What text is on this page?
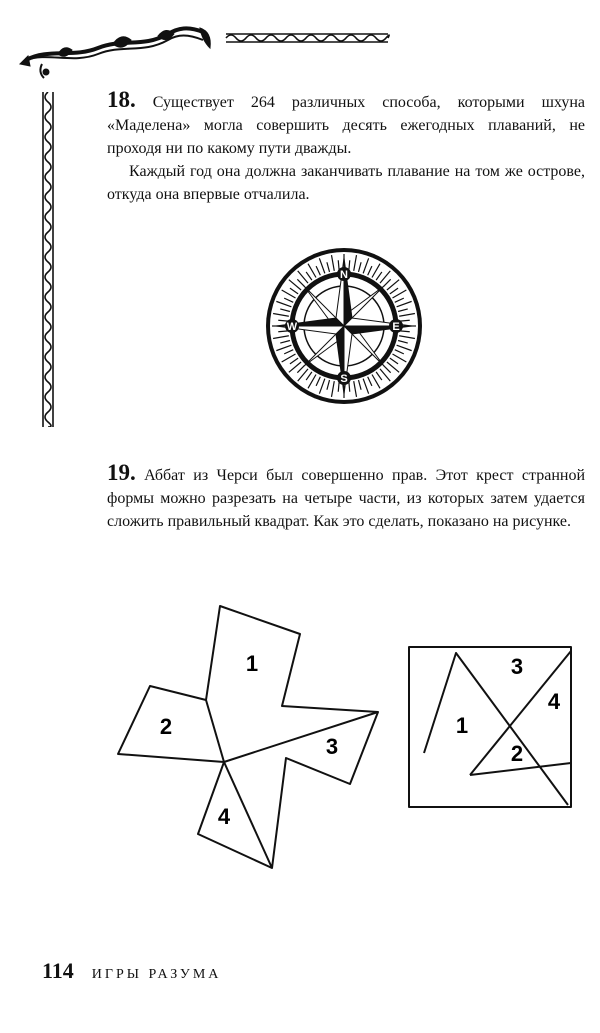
18. Существует 264 различных способа, которыми шхуна «Маделена» могла совершить десять ежегодных плаваний, не проходя ни по какому пути дважды.
Каждый год она должна заканчивать плавание на том же острове, откуда она впервые отчалила.
N
E
S
W
19. Аббат из Черси был совершенно прав. Этот крест странной формы можно разрезать на четыре части, из которых затем удается сложить правильный квадрат. Как это сделать, показано на рисунке.
1
2
3
4
3
1
4
2
114 ИГРЫ РАЗУМА
